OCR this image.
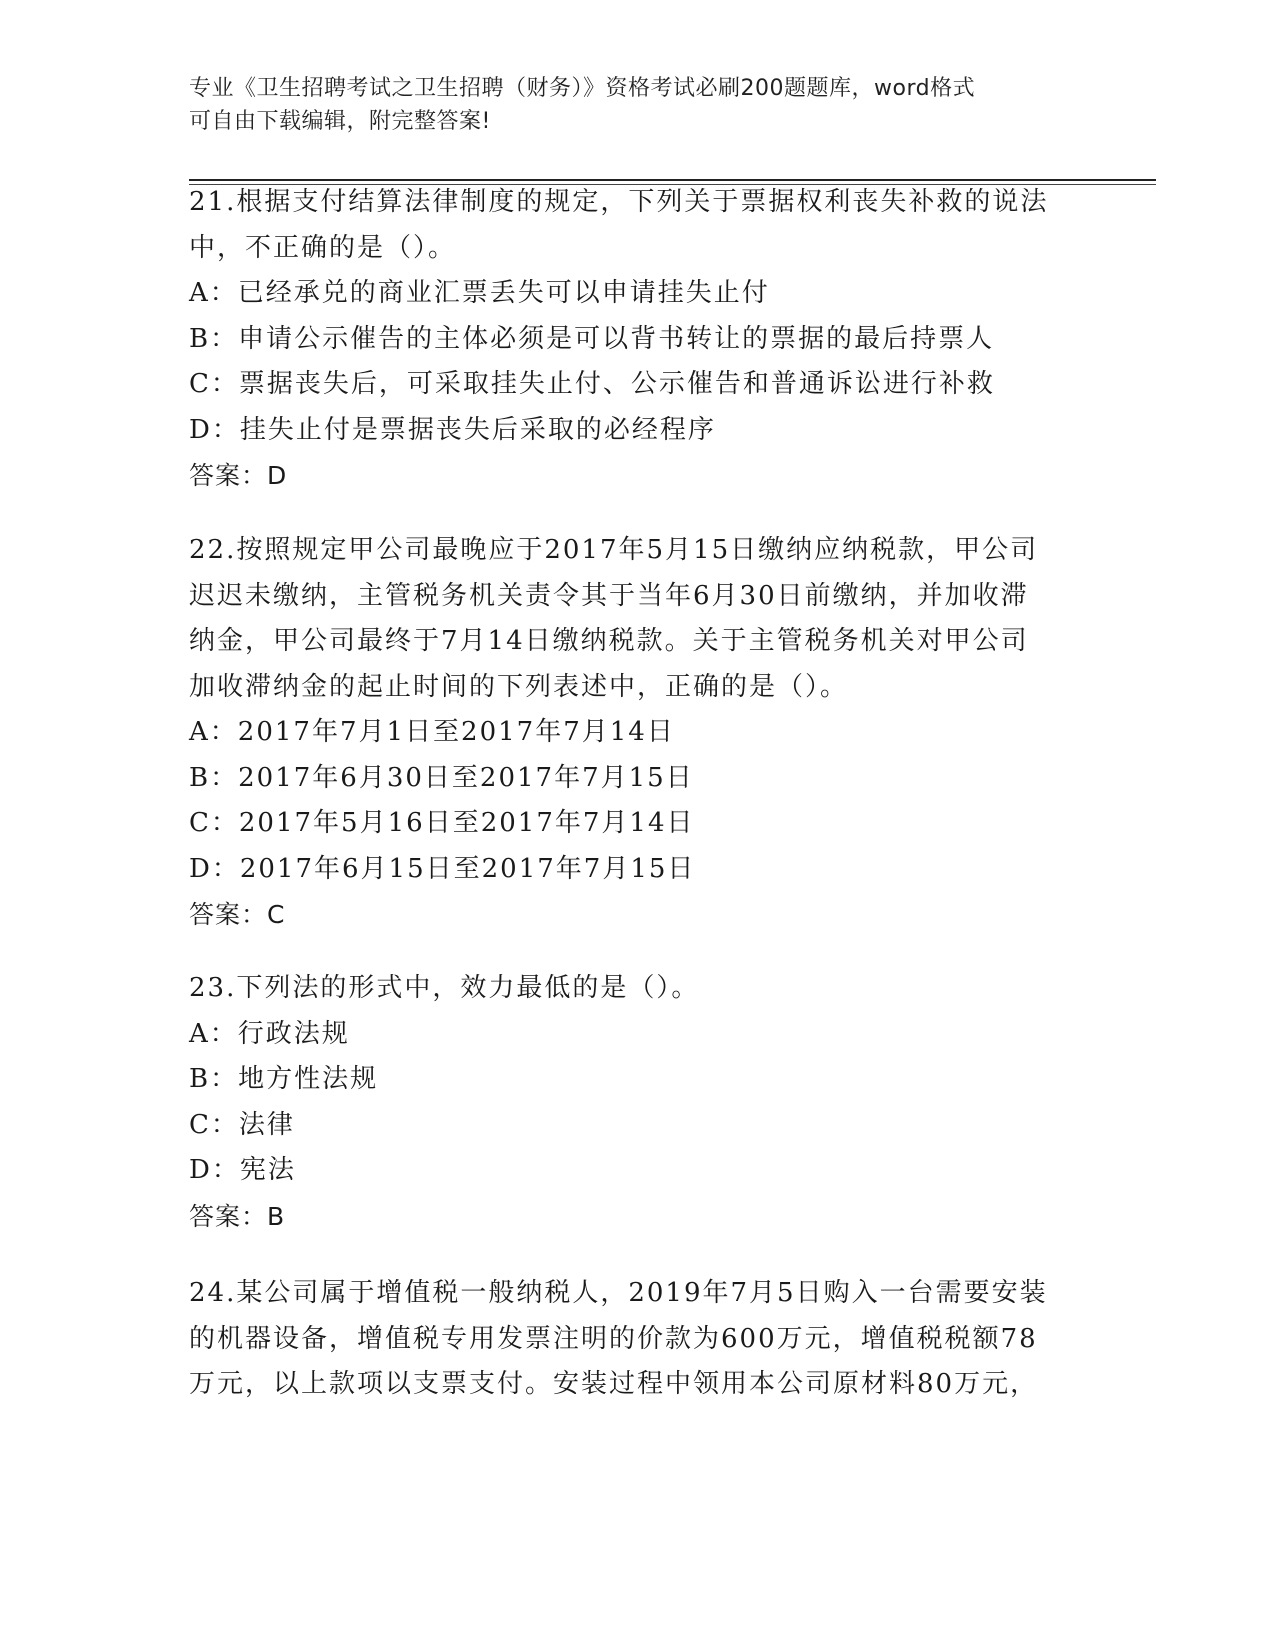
专业《卫生招聘考试之卫生招聘（财务）》资格考试必刷200题题库，word格式
可自由下载编辑，附完整答案!
21.根据支付结算法律制度的规定，下列关于票据权利丧失补救的说法
中，不正确的是（）。
A：已经承兑的商业汇票丢失可以申请挂失止付
B：申请公示催告的主体必须是可以背书转让的票据的最后持票人
C：票据丧失后，可采取挂失止付、公示催告和普通诉讼进行补救
D：挂失止付是票据丧失后采取的必经程序
答案：D
22.按照规定甲公司最晚应于2017年5月15日缴纳应纳税款，甲公司
迟迟未缴纳，主管税务机关责令其于当年6月30日前缴纳，并加收滞
纳金，甲公司最终于7月14日缴纳税款。关于主管税务机关对甲公司
加收滞纳金的起止时间的下列表述中，正确的是（）。
A：2017年7月1日至2017年7月14日
B：2017年6月30日至2017年7月15日
C：2017年5月16日至2017年7月14日
D：2017年6月15日至2017年7月15日
答案：C
23.下列法的形式中，效力最低的是（）。
A：行政法规
B：地方性法规
C：法律
D：宪法
答案：B
24.某公司属于增值税一般纳税人，2019年7月5日购入一台需要安装
的机器设备，增值税专用发票注明的价款为600万元，增值税税额78
万元，以上款项以支票支付。安装过程中领用本公司原材料80万元，
